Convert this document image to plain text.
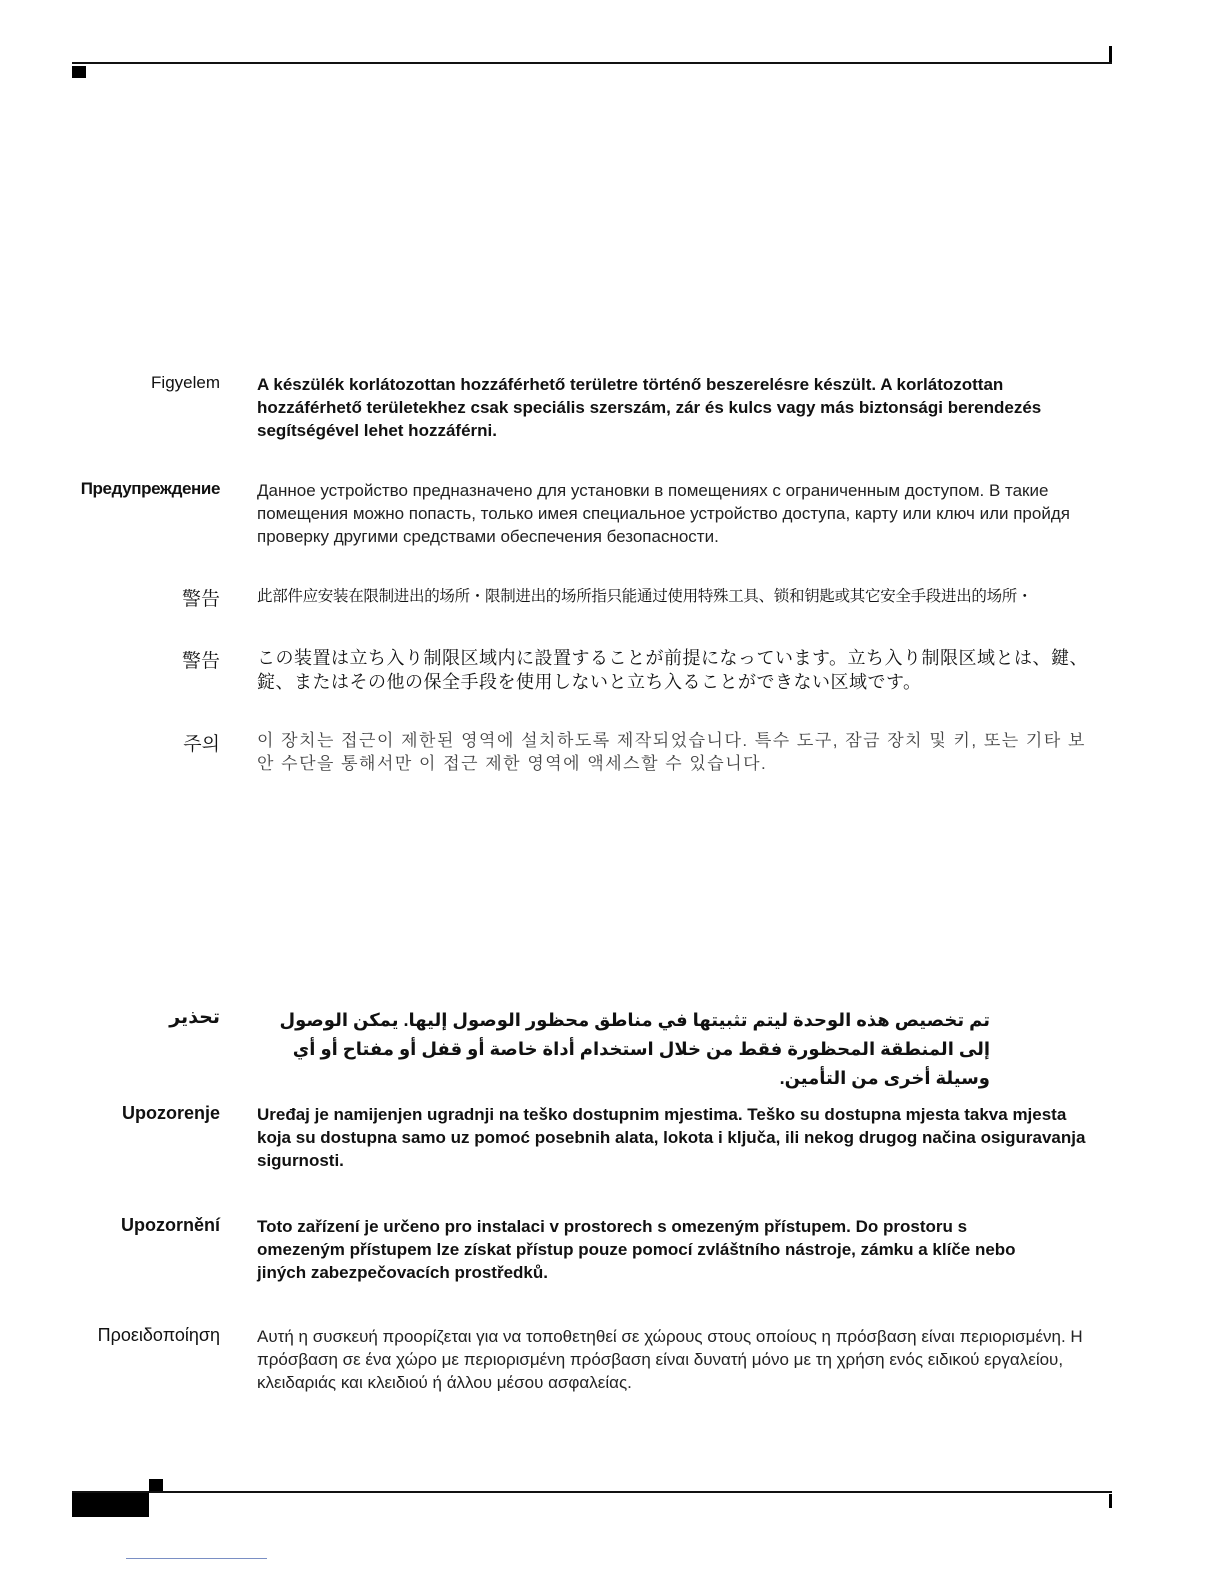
Figyelem A készülék korlátozottan hozzáférhető területre történő beszerelésre készült. A korlátozottan hozzáférhető területekhez csak speciális szerszám, zár és kulcs vagy más biztonsági berendezés segítségével lehet hozzáférni.
Предупреждение Данное устройство предназначено для установки в помещениях с ограниченным доступом. В такие помещения можно попасть, только имея специальное устройство доступа, карту или ключ или пройдя проверку другими средствами обеспечения безопасности.
警告 此部件应安装在限制进出的场所・限制进出的场所指只能通过使用特殊工具、锁和钥匙或其它安全手段进出的场所・
警告 この装置は立ち入り制限区域内に設置することが前提になっています。立ち入り制限区域とは、鍵、錠、またはその他の保全手段を使用しないと立ち入ることができない区域です。
주의 이 장치는 접근이 제한된 영역에 설치하도록 제작되었습니다. 특수 도구, 잠금 장치 및 키, 또는 기타 보안 수단을 통해서만 이 접근 제한 영역에 액세스할 수 있습니다.
تحذير	تم تخصيص هذه الوحدة ليتم تثبيتها في مناطق محظور الوصول إليها. يمكن الوصول إلى المنطقة المحظورة فقط من خلال استخدام أداة خاصة أو قفل أو مفتاح أو أي وسيلة أخرى من التأمين.
Upozorenje Uređaj je namijenjen ugradnji na teško dostupnim mjestima. Teško su dostupna mjesta takva mjesta koja su dostupna samo uz pomoć posebnih alata, lokota i ključa, ili nekog drugog načina osiguravanja sigurnosti.
Upozornění Toto zařízení je určeno pro instalaci v prostorech s omezeným přístupem. Do prostoru s omezeným přístupem lze získat přístup pouze pomocí zvláštního nástroje, zámku a klíče nebo jiných zabezpečovacích prostředků.
Προειδοποίηση Αυτή η συσκευή προορίζεται για να τοποθετηθεί σε χώρους στους οποίους η πρόσβαση είναι περιορισμένη. Η πρόσβαση σε ένα χώρο με περιορισμένη πρόσβαση είναι δυνατή μόνο με τη χρήση ενός ειδικού εργαλείου, κλειδαριάς και κλειδιού ή άλλου μέσου ασφαλείας.
